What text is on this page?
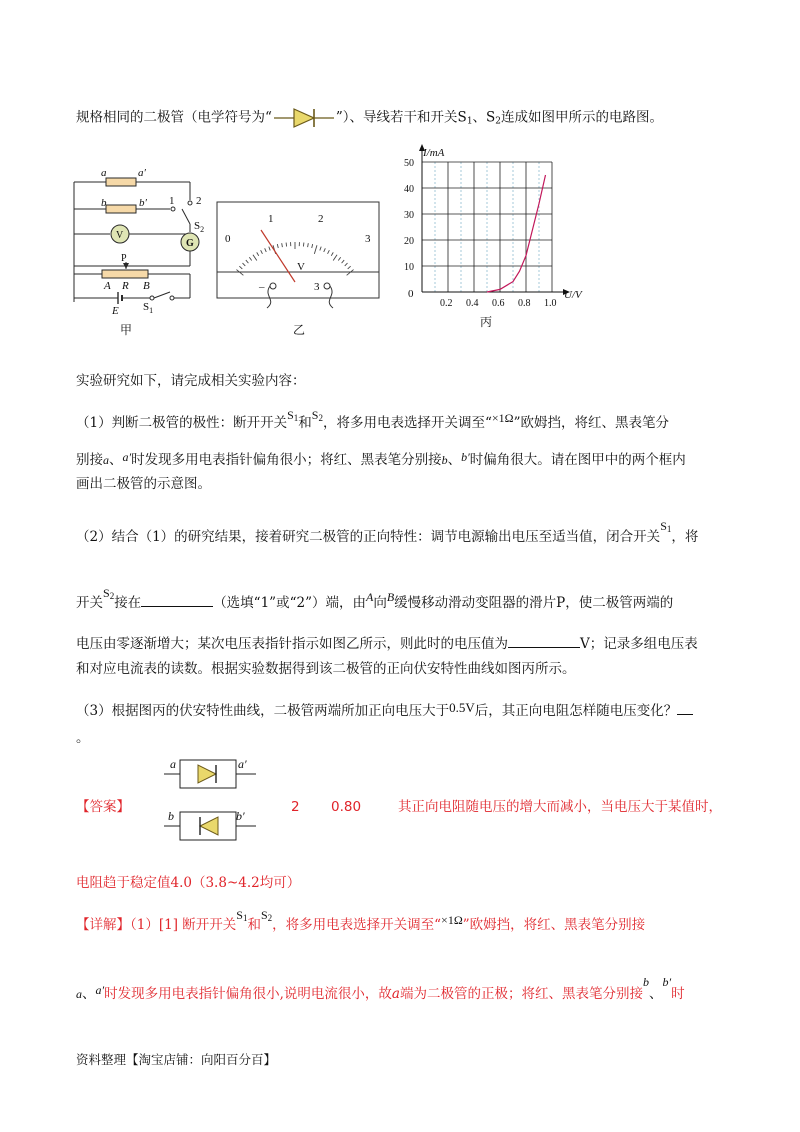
规格相同的二极管（电学符号为“	”）、导线若干和开关$S_1$、$S_2$连成如图甲所示的电路图。
a	a′
b	b′ 1 2
$S_2$
V
G
P
A R B
E $S_1$
甲
0
1	2
3
V
–	3
乙
0.2 0.4 0.6 0.8 1.0
10
20
30
40
50
I/mA
U/V
0
丙
实验研究如下，请完成相关实验内容：
（1）判断二极管的极性：断开开关$S_1$和$S_2$，将多用电表选择开关调至“×1Ω”欧姆挡，将红、黑表笔分
别接a、a′时发现多用电表指针偏角很小；将红、黑表笔分别接b、b′时偏角很大。请在图甲中的两个框内
画出二极管的示意图。
（2）结合（1）的研究结果，接着研究二极管的正向特性：调节电源输出电压至适当值，闭合开关$S_1$，将
开关$S_2$接在	（选填“1”或“2”）端，由A向B缓慢移动滑动变阻器的滑片P，使二极管两端的
电压由零逐渐增大；某次电压表指针指示如图乙所示，则此时的电压值为	V；记录多组电压表
和对应电流表的读数。根据实验数据得到该二极管的正向伏安特性曲线如图丙所示。
（3）根据图丙的伏安特性曲线，二极管两端所加正向电压大于0.5V后，其正向电阻怎样随电压变化？
。
【答案】
a	a′
b	b′
2 0.80	其正向电阻随电压的增大而减小，当电压大于某值时，
电阻趋于稳定值4.0（3.8~4.2均可）
【详解】（1）[1] 断开开关$S_1$和$S_2$，将多用电表选择开关调至“×1Ω”欧姆挡，将红、黑表笔分别接
a、a′时发现多用电表指针偏角很小,说明电流很小，故a端为二极管的正极；将红、黑表笔分别接b、b′时
资料整理【淘宝店铺：向阳百分百】
